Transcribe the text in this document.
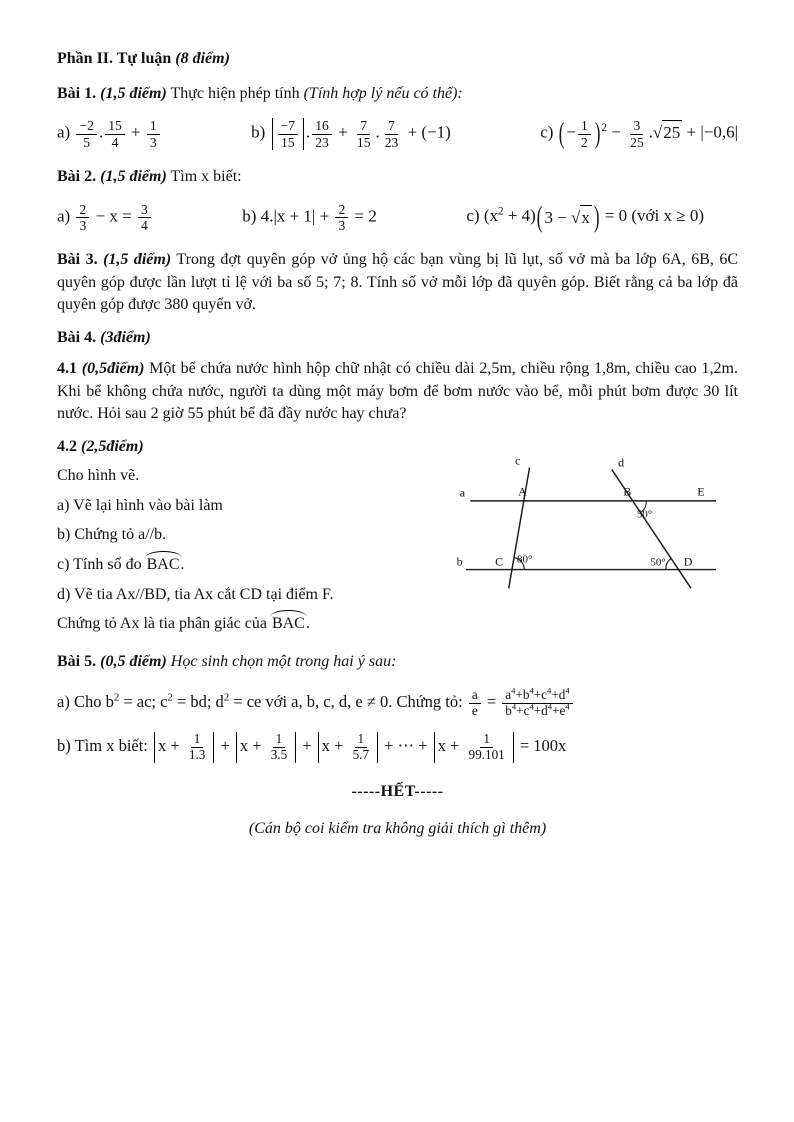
Phần II. Tự luận (8 điểm)

Bài 1. (1,5 điểm) Thực hiện phép tính (Tính hợp lý nếu có thể):

$a) \frac{-2}{5}$ . $\frac{15}{4} + \frac{1}{3}$	$b) \frac{-7}{15}$ . $\frac{16}{23} + \frac{7}{15}$ . $\frac{7}{23} + (-1)$	c) ( − $\frac{1}{2}$ ) $^2 - \frac{3}{25} .√25 + |-0,6|$

Bài 2. (1,5 điểm) Tìm x biết:

$a) \frac{2}{3} - x = \frac{3}{4}$	b) $4.|x + 1| + \frac{2}{3} = 2$	c) $(x^2 + 4)$ ( 3 − √x ) = 0 (với x ≥ 0)

Bài 3. (1,5 điểm) Trong đợt quyên góp vở ủng hộ các bạn vùng bị lũ lụt, số vở mà ba lớp 6A, 6B, 6C quyên góp được lần lượt tỉ lệ với ba số 5; 7; 8. Tính số vở mỗi lớp đã quyên góp. Biết rằng cả ba lớp đã quyên góp được 380 quyển vở.

Bài 4. (3điểm)

4.1 (0,5điểm) Một bể chứa nước hình hộp chữ nhật có chiều dài 2,5m, chiều rộng 1,8m, chiều cao 1,2m. Khi bể không chứa nước, người ta dùng một máy bơm để bơm nước vào bể, mỗi phút bơm được 30 lít nước. Hỏi sau 2 giờ 55 phút bể đã đầy nước hay chưa?

4.2 (2,5điểm)

Cho hình vẽ.

a) Vẽ lại hình vào bài làm

b) Chứng tỏ a//b.

c) Tính số đo BAC.

d) Vẽ tia Ax//BD, tia Ax cắt CD tại điểm F.

Chứng tỏ Ax là tia phân giác của BAC.

a
b
c	d
A	B	E
C	D
80°
50°
50°

Bài 5. (0,5 điểm) Học sinh chọn một trong hai ý sau:

a) Cho $b^2$ = ac; $c^2$ = bd; $d^2$ = ce với a, b, c, d, e ≠ 0. Chứng tỏ: $\frac{a}{e} = \frac{a^4+b^4+c^4+d^4}{b^4+c^4+d^4+e^4}$

b) Tìm x biết: $x + \frac{1}{1.3} + x + \frac{1}{3.5} + x + \frac{1}{5.7}$ + ⋯ + $x + \frac{1}{99.101} = 100x$

-----HẾT-----

(Cán bộ coi kiểm tra không giải thích gì thêm)
